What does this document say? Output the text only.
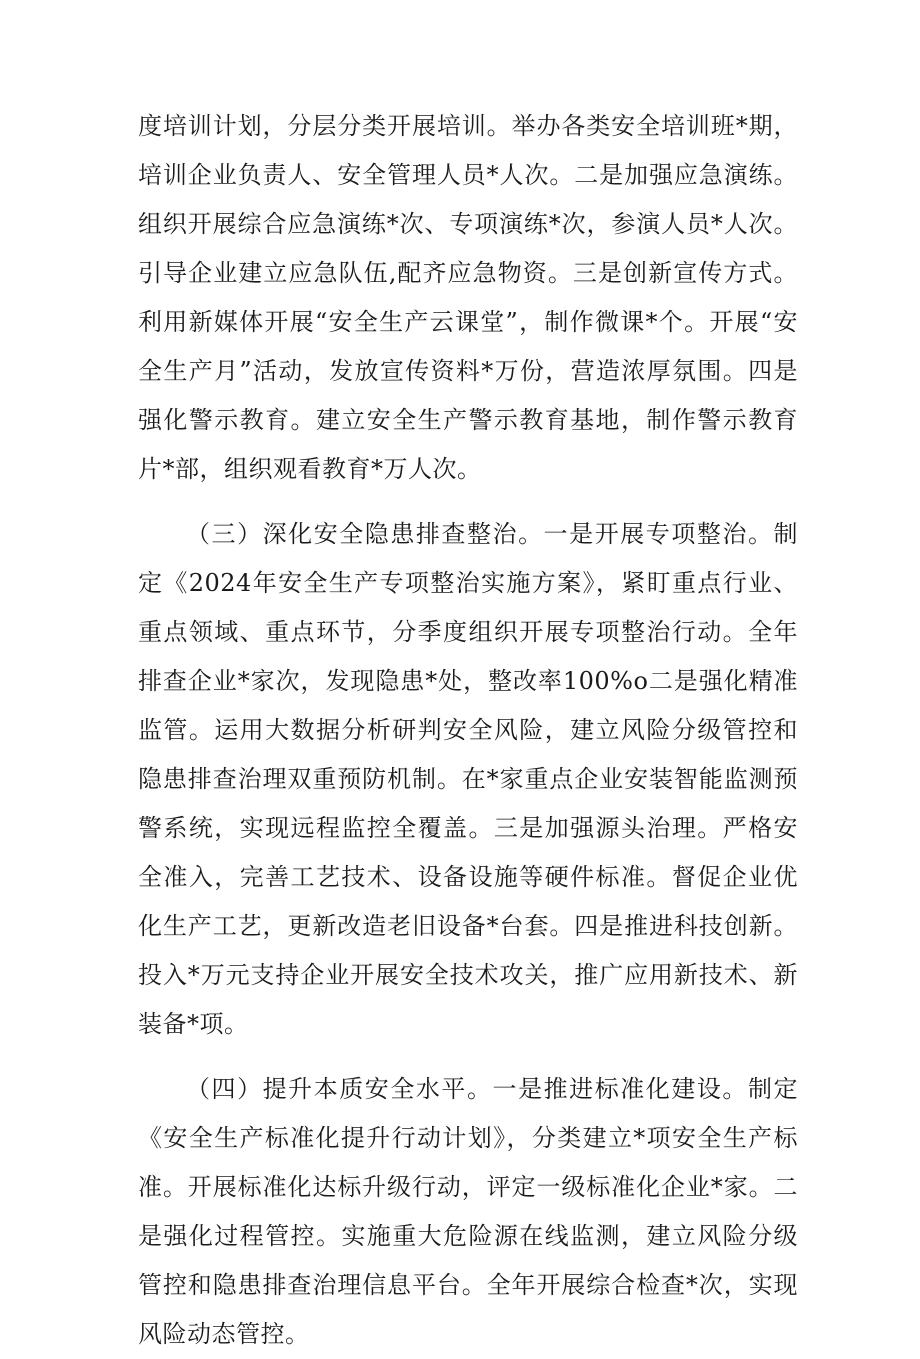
度培训计划，分层分类开展培训。举办各类安全培训班*期，培训企业负责人、安全管理人员*人次。二是加强应急演练。组织开展综合应急演练*次、专项演练*次，参演人员*人次。引导企业建立应急队伍,配齐应急物资。三是创新宣传方式。利用新媒体开展“安全生产云课堂”，制作微课*个。开展“安全生产月”活动，发放宣传资料*万份，营造浓厚氛围。四是强化警示教育。建立安全生产警示教育基地，制作警示教育片*部，组织观看教育*万人次。

（三）深化安全隐患排查整治。一是开展专项整治。制定《2024年安全生产专项整治实施方案》，紧盯重点行业、重点领域、重点环节，分季度组织开展专项整治行动。全年排查企业*家次，发现隐患*处，整改率100%o二是强化精准监管。运用大数据分析研判安全风险，建立风险分级管控和隐患排查治理双重预防机制。在*家重点企业安装智能监测预警系统，实现远程监控全覆盖。三是加强源头治理。严格安全准入，完善工艺技术、设备设施等硬件标准。督促企业优化生产工艺，更新改造老旧设备*台套。四是推进科技创新。投入*万元支持企业开展安全技术攻关，推广应用新技术、新装备*项。

（四）提升本质安全水平。一是推进标准化建设。制定《安全生产标准化提升行动计划》，分类建立*项安全生产标准。开展标准化达标升级行动，评定一级标准化企业*家。二是强化过程管控。实施重大危险源在线监测，建立风险分级管控和隐患排查治理信息平台。全年开展综合检查*次，实现风险动态管控。
